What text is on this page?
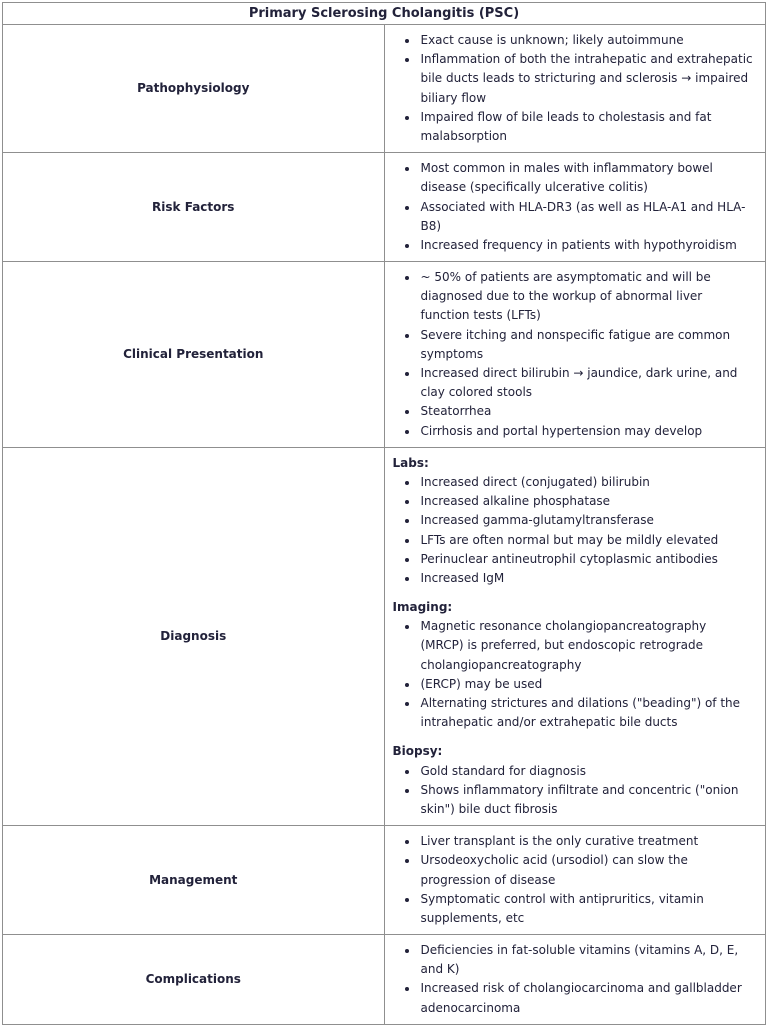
Primary Sclerosing Cholangitis (PSC)	
Pathophysiology	
• Exact cause is unknown; likely autoimmune
• Inflammation of both the intrahepatic and extrahepatic bile ducts leads to stricturing and sclerosis → impaired biliary flow
• Impaired flow of bile leads to cholestasis and fat malabsorption

Risk Factors	
• Most common in males with inflammatory bowel disease (specifically ulcerative colitis)
• Associated with HLA-DR3 (as well as HLA-A1 and HLA-B8)
• Increased frequency in patients with hypothyroidism

Clinical Presentation	
• ~ 50% of patients are asymptomatic and will be diagnosed due to the workup of abnormal liver function tests (LFTs)
• Severe itching and nonspecific fatigue are common symptoms
• Increased direct bilirubin → jaundice, dark urine, and clay colored stools
• Steatorrhea
• Cirrhosis and portal hypertension may develop

Diagnosis	
Labs:
• Increased direct (conjugated) bilirubin
• Increased alkaline phosphatase
• Increased gamma-glutamyltransferase
• LFTs are often normal but may be mildly elevated
• Perinuclear antineutrophil cytoplasmic antibodies
• Increased IgM
Imaging:
• Magnetic resonance cholangiopancreatography (MRCP) is preferred, but endoscopic retrograde cholangiopancreatography
• (ERCP) may be used
• Alternating strictures and dilations ("beading") of the intrahepatic and/or extrahepatic bile ducts
Biopsy:
• Gold standard for diagnosis
• Shows inflammatory infiltrate and concentric ("onion skin") bile duct fibrosis

Management	
• Liver transplant is the only curative treatment
• Ursodeoxycholic acid (ursodiol) can slow the progression of disease
• Symptomatic control with antipruritics, vitamin supplements, etc

Complications	
• Deficiencies in fat-soluble vitamins (vitamins A, D, E, and K)
• Increased risk of cholangiocarcinoma and gallbladder adenocarcinoma
